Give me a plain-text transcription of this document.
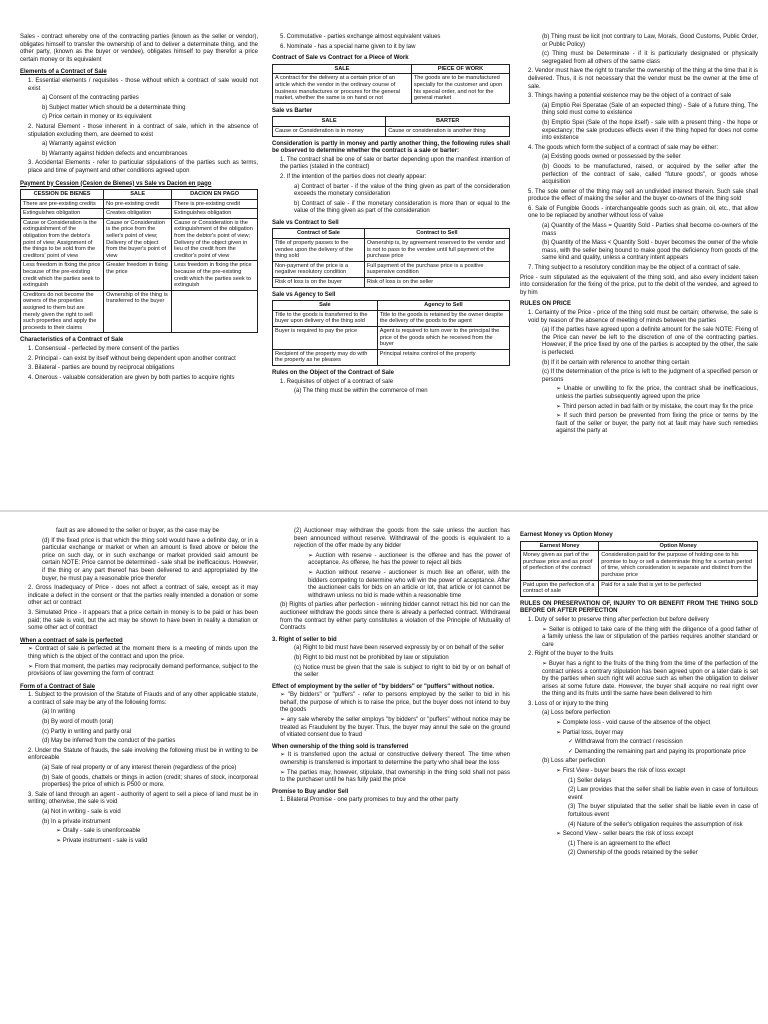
Sales - contract whereby one of the contracting parties (known as the seller or vendor), obligates himself to transfer the ownership of and to deliver a determinate thing, and the other party, (known as the buyer or vendee), obligates himself to pay therefor a price certain money or its equivalent

Elements of a Contract of Sale

1. Essential elements / requisites - those without which a contract of sale would not exist

a) Consent of the contracting parties

b) Subject matter which should be a determinate thing

c) Price certain in money or its equivalent

2. Natural Element - those inherent in a contract of sale, which in the absence of stipulation excluding them, are deemed to exist

a) Warranty against eviction

b) Warranty against hidden defects and encumbrances

3. Accidental Elements - refer to particular stipulations of the parties such as terms, place and time of payment and other conditions agreed upon

Payment by Cession (Cesion de Bienes) vs Sale vs Dacion en pago

CESSION DE BIENES	SALE	DACION EN PAGO
There are pre-existing credits	No pre-existing credit	There is pre-existing credit
Extinguishes obligation	Creates obligation	Extinguishes obligation
Cause or Consideration is the extinguishment of the obligation from the debtor's point of view; Assignment of the things to be sold from the creditors' point of view	Cause or Consideration is the price from the seller's point of view; Delivery of the object from the buyer's point of view	Cause or Consideration is the extinguishment of the obligation from the debtor's point of view; Delivery of the object given in lieu of the credit from the creditor's point of view
Less freedom in fixing the price because of the pre-existing credit which the parties seek to extinguish	Greater freedom in fixing the price	Less freedom in fixing the price because of the pre-existing credit which the parties seek to extinguish
Creditors do not become the owners of the properties assigned to them but are merely given the right to sell such properties and apply the proceeds to their claims	Ownership of the thing is transferred to the buyer	

Characteristics of a Contract of Sale

1. Consensual - perfected by mere consent of the parties

2. Principal - can exist by itself without being dependent upon another contract

3. Bilateral - parties are bound by reciprocal obligations

4. Onerous - valuable consideration are given by both parties to acquire rights

5. Commutative - parties exchange almost equivalent values

6. Nominate - has a special name given to it by law

Contract of Sale vs Contract for a Piece of Work

SALE	PIECE OF WORK
A contract for the delivery at a certain price of an article which the vendor in the ordinary course of business manufactures or procures for the general market, whether the same is on hand or not	The goods are to be manufactured specially for the customer and upon his special order, and not for the general market

Sale vs Barter

SALE	BARTER
Cause or Consideration is in money	Cause or consideration is another thing

Consideration is partly in money and partly another thing, the following rules shall be observed to determine whether the contract is a sale or barter:

1. The contract shall be one of sale or barter depending upon the manifest intention of the parties (stated in the contract)

2. If the intention of the parties does not clearly appear:

a) Contract of barter - if the value of the thing given as part of the consideration exceeds the monetary consideration

b) Contract of sale - if the monetary consideration is more than or equal to the value of the thing given as part of the consideration

Sale vs Contract to Sell

Contract of Sale	Contract to Sell
Title of property passes to the vendee upon the delivery of the thing sold	Ownership is, by agreement reserved to the vendor and is not to pass to the vendee until full payment of the purchase price
Non-payment of the price is a negative resolutory condition	Full payment of the purchase price is a positive suspensive condition
Risk of loss is on the buyer	Risk of loss is on the seller

Sale vs Agency to Sell

Sale	Agency to Sell
Title to the goods is transferred to the buyer upon delivery of the thing sold	Title to the goods is retained by the owner despite the delivery of the goods to the agent
Buyer is required to pay the price	Agent is required to turn over to the principal the price of the goods which he received from the buyer
Recipient of the property may do with the property as he pleases	Principal retains control of the property

Rules on the Object of the Contract of Sale

1. Requisites of object of a contract of sale

(a) The thing must be within the commerce of men

(b) Thing must be licit (not contrary to Law, Morals, Good Customs, Public Order, or Public Policy)

(c) Thing must be Determinate - if it is particularly designated or physically segregated from all others of the same class

2. Vendor must have the right to transfer the ownership of the thing at the time that it is delivered. Thus, it is not necessary that the vendor must be the owner at the time of sale.

3. Things having a potential existence may be the object of a contract of sale

(a) Emptio Rei Speratae (Sale of an expected thing) - Sale of a future thing, The thing sold must come to existence

(b) Emptio Spei (Sale of the hope itself) - sale with a present thing - the hope or expectancy; the sale produces effects even if the thing hoped for does not come into existence

4. The goods which form the subject of a contract of sale may be either:

(a) Existing goods owned or possessed by the seller

(b) Goods to be manufactured, raised, or acquired by the seller after the perfection of the contract of sale, called "future goods", or goods whose acquisition

5. The sole owner of the thing may sell an undivided interest therein. Such sale shall produce the effect of making the seller and the buyer co-owners of the thing sold

6. Sale of Fungible Goods - interchangeable goods such as grain, oil, etc., that allow one to be replaced by another without loss of value

(a) Quantity of the Mass = Quantity Sold - Parties shall become co-owners of the mass

(b) Quantity of the Mass < Quantity Sold - buyer becomes the owner of the whole mass, with the seller being bound to make good the deficiency from goods of the same kind and quality, unless a contrary intent appears

7. Thing subject to a resolutory condition may be the object of a contract of sale.

Price - sum stipulated as the equivalent of the thing sold, and also every incident taken into consideration for the fixing of the price, put to the debit of the vendee, and agreed to by him

RULES ON PRICE

1. Certainty of the Price - price of the thing sold must be certain; otherwise, the sale is void by reason of the absence of meeting of minds between the parties

(a) If the parties have agreed upon a definite amount for the sale NOTE: Fixing of the Price can never be left to the discretion of one of the contracting parties. However, if the price fixed by one of the parties is accepted by the other, the sale is perfected.

(b) If it be certain with reference to another thing certain

(c) If the determination of the price is left to the judgment of a specified person or persons

➢ Unable or unwilling to fix the price, the contract shall be inefficacious, unless the parties subsequently agreed upon the price

➢ Third person acted in bad faith or by mistake, the court may fix the price

➢ If such third person be prevented from fixing the price or terms by the fault of the seller or buyer, the party not at fault may have such remedies against the party at

fault as are allowed to the seller or buyer, as the case may be

(d) If the fixed price is that which the thing sold would have a definite day, or in a particular exchange or market or when an amount is fixed above or below the price on such day, or in such exchange or market provided said amount be certain NOTE: Price cannot be determined - sale shall be inefficacious. However, if the thing or any part thereof has been delivered to and appropriated by the buyer, he must pay a reasonable price therefor

2. Gross Inadequacy of Price - does not affect a contract of sale, except as it may indicate a defect in the consent or that the parties really intended a donation or some other act or contract

3. Simulated Price - it appears that a price certain in money is to be paid or has been paid; the sale is void, but the act may be shown to have been in reality a donation or some other act of contract

When a contract of sale is perfected

➢ Contract of sale is perfected at the moment there is a meeting of minds upon the thing which is the object of the contract and upon the price.

➢ From that moment, the parties may reciprocally demand performance, subject to the provisions of law governing the form of contract

Form of a Contract of Sale

1. Subject to the provision of the Statute of Frauds and of any other applicable statute, a contract of sale may be any of the following forms:

(a) In writing

(b) By word of mouth (oral)

(c) Partly in writing and partly oral

(d) May be inferred from the conduct of the parties

2. Under the Statute of frauds, the sale involving the following must be in writing to be enforceable

(a) Sale of real property or of any interest therein (regardless of the price)

(b) Sale of goods, chattels or things in action (credit; shares of stock, incorporeal properties) the price of which is P500 or more.

3. Sale of land through an agent - authority of agent to sell a piece of land must be in writing; otherwise, the sale is void

(a) Not in writing - sale is void

(b) In a private instrument

➢ Orally - sale is unenforceable

➢ Private instrument - sale is valid

(2) Auctioneer may withdraw the goods from the sale unless the auction has been announced without reserve. Withdrawal of the goods is equivalent to a rejection of the offer made by any bidder

➢ Auction with reserve - auctioneer is the offeree and has the power of acceptance. As offeree, he has the power to reject all bids

➢ Auction without reserve - auctioneer is much like an offerer, with the bidders competing to determine who will win the power of acceptance. After the auctioneer calls for bids on an article or lot, that article or lot cannot be withdrawn unless no bid is made within a reasonable time

(b) Rights of parties after perfection - winning bidder cannot retract his bid nor can the auctioneer withdraw the goods since there is already a perfected contract. Withdrawal from the contract by either party constitutes a violation of the Principle of Mutuality of Contracts

3. Right of seller to bid

(a) Right to bid must have been reserved expressly by or on behalf of the seller

(b) Right to bid must not be prohibited by law or stipulation

(c) Notice must be given that the sale is subject to right to bid by or on behalf of the seller

Effect of employment by the seller of "by bidders" or "puffers" without notice.

➢ "By bidders" or "puffers" - refer to persons employed by the seller to bid in his behalf, the purpose of which is to raise the price, but the buyer does not intend to buy the goods

➢ any sale whereby the seller employs "by bidders" or "puffers" without notice may be treated as Fraudulent by the buyer. Thus, the buyer may annul the sale on the ground of vitiated consent due to fraud

When ownership of the thing sold is transferred

➢ It is transferred upon the actual or constructive delivery thereof. The time when ownership is transferred is important to determine the party who shall bear the loss

➢ The parties may, however, stipulate, that ownership in the thing sold shall not pass to the purchaser until he has fully paid the price

Promise to Buy and/or Sell

1. Bilateral Promise - one party promises to buy and the other party

Earnest Money vs Option Money

Earnest Money	Option Money
Money given as part of the purchase price and as proof of perfection of the contract	Consideration paid for the purpose of holding one to his promise to buy or sell a determinate thing for a certain period of time, which consideration is separate and distinct from the purchase price
Paid upon the perfection of a contract of sale	Paid for a sale that is yet to be perfected

RULES ON PRESERVATION OF, INJURY TO OR BENEFIT FROM THE THING SOLD BEFORE OR AFTER PERFECTION

1. Duty of seller to preserve thing after perfection but before delivery

➢ Seller is obliged to take care of the thing with the diligence of a good father of a family unless the law or stipulation of the parties requires another standard or care

2. Right of the buyer to the fruits

➢ Buyer has a right to the fruits of the thing from the time of the perfection of the contract unless a contrary stipulation has been agreed upon or a later date is set by the parties when such right will accrue such as when the obligation to deliver arises at some future date. However, the buyer shall acquire no real right over the thing and its fruits until the same have been delivered to him

3. Loss of or injury to the thing

(a) Loss before perfection

➢ Complete loss - void cause of the absence of the object

➢ Partial loss, buyer may

✓ Withdrawal from the contract / rescission

✓ Demanding the remaining part and paying its proportionate price

(b) Loss after perfection

➢ First View - buyer bears the risk of loss except

(1) Seller delays

(2) Law provides that the seller shall be liable even in case of fortuitous event

(3) The buyer stipulated that the seller shall be liable even in case of fortuitous event

(4) Nature of the seller's obligation requires the assumption of risk

➢ Second View - seller bears the risk of loss except

(1) There is an agreement to the effect

(2) Ownership of the goods retained by the seller
